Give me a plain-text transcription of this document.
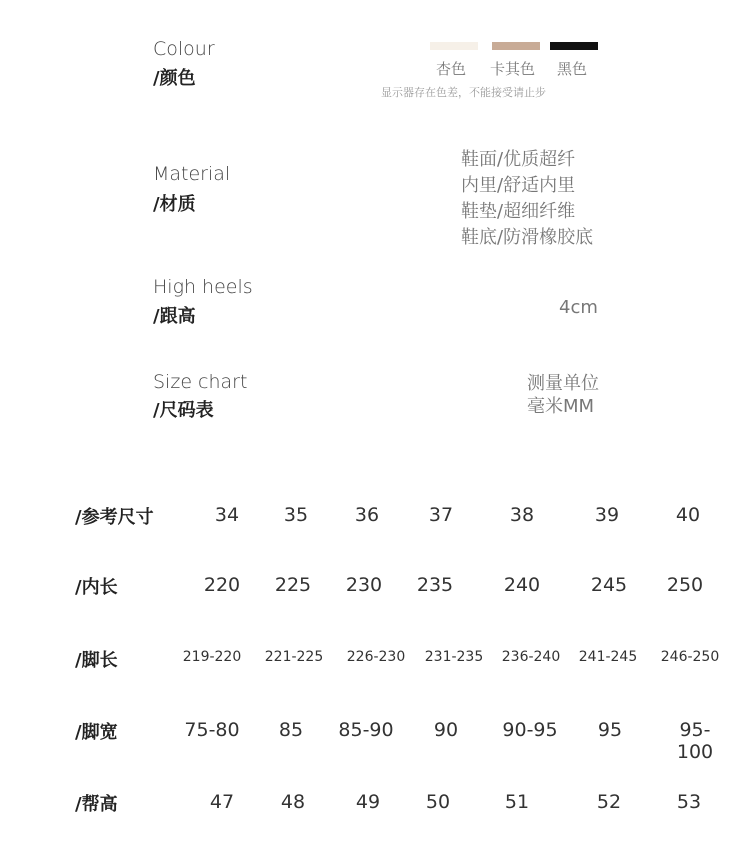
Colour
/颜色	杏色 卡其色 黑色
显示器存在色差，不能接受请止步
Material
/材质
鞋面/优质超纤
内里/舒适内里
鞋垫/超细纤维
鞋底/防滑橡胶底
High heels
/跟高	4cm
Size chart
/尺码表
测量单位
毫米MM
/参考尺寸	34 35 36	37	38	39	40
/内长	220 225 230 235	240	245 250
/脚长	219-220 221-225 226-230 231-235 236-240 241-245 246-250
/脚宽	75-80 85 85-90 90 90-95 95	95-100
/帮高	47 48	49 50	51	52	53
